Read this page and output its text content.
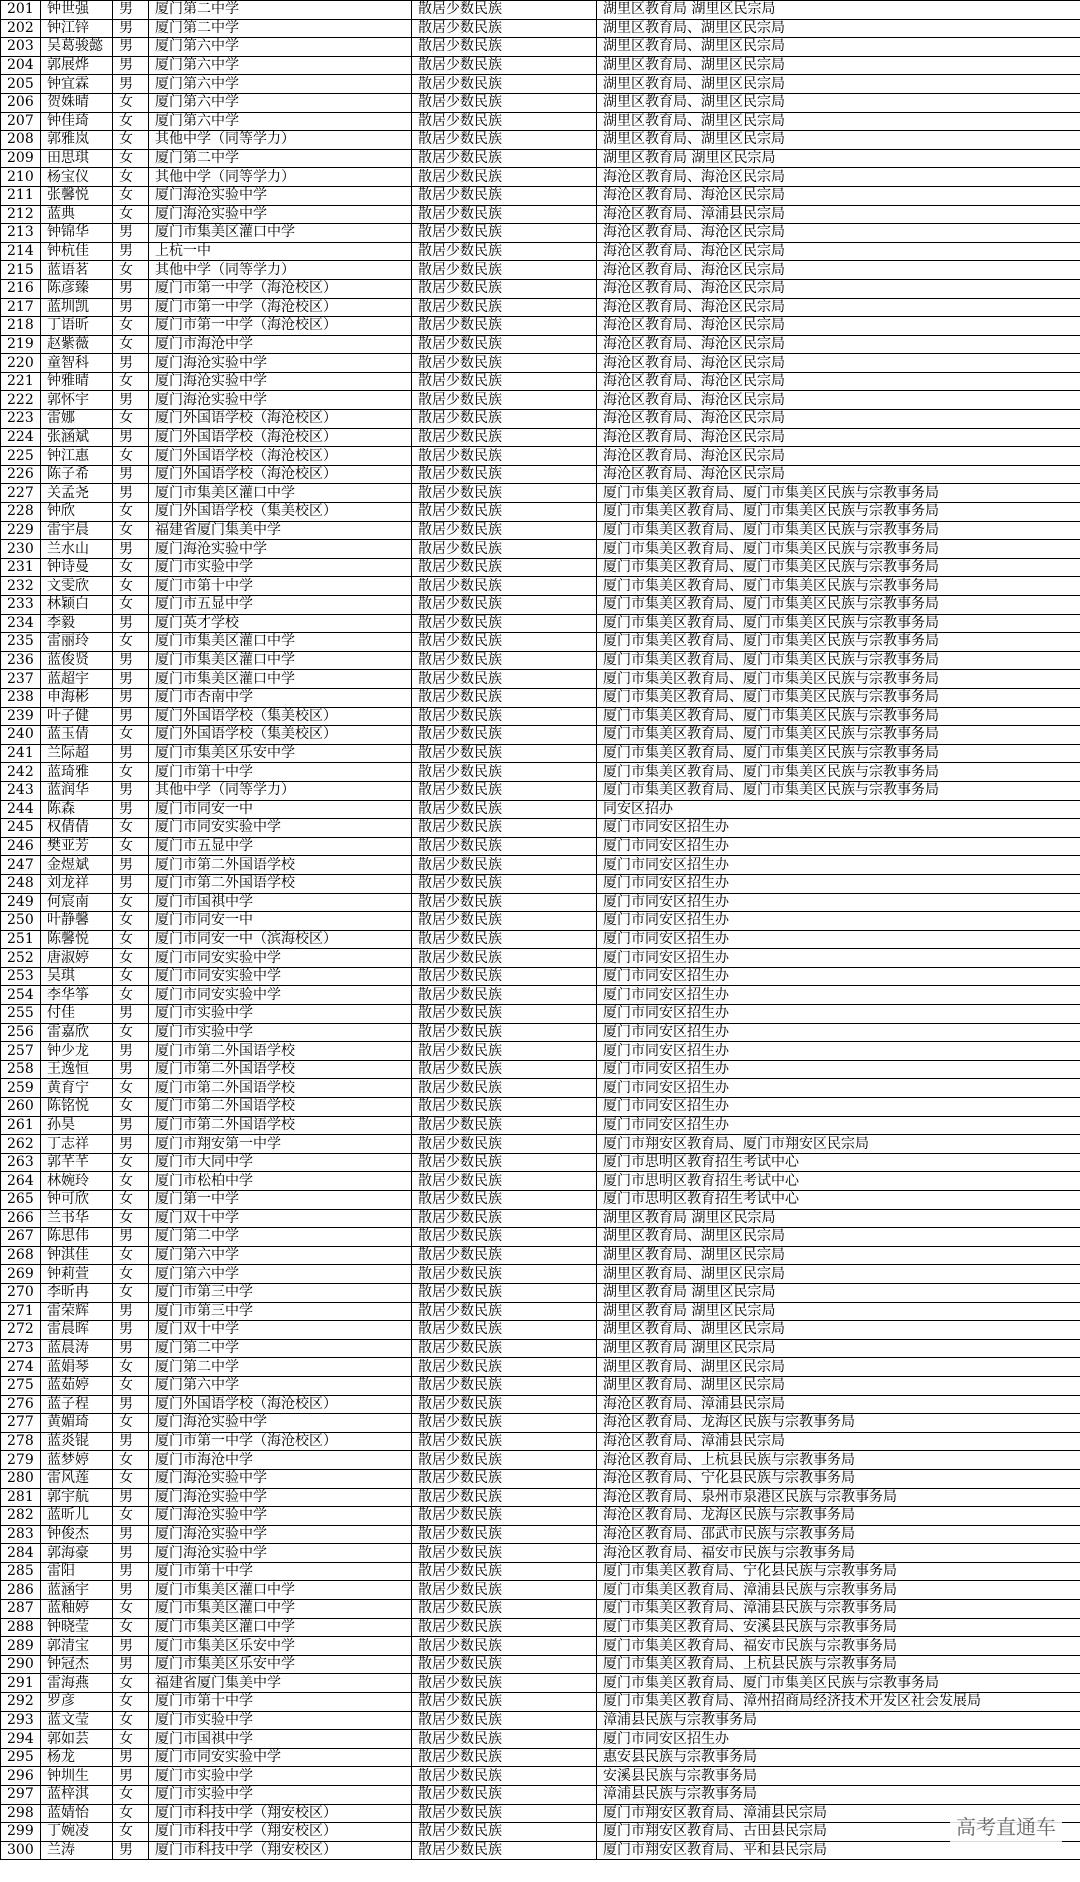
201	钟世强	男	厦门第二中学	散居少数民族	湖里区教育局 湖里区民宗局
202	钟江锌	男	厦门第二中学	散居少数民族	湖里区教育局、湖里区民宗局
203	吴葛骏懿	男	厦门第六中学	散居少数民族	湖里区教育局、湖里区民宗局
204	郭展烨	男	厦门第六中学	散居少数民族	湖里区教育局、湖里区民宗局
205	钟宜霖	男	厦门第六中学	散居少数民族	湖里区教育局、湖里区民宗局
206	贺姝晴	女	厦门第六中学	散居少数民族	湖里区教育局、湖里区民宗局
207	钟佳琦	女	厦门第六中学	散居少数民族	湖里区教育局、湖里区民宗局
208	郭雅岚	女	其他中学（同等学力）	散居少数民族	湖里区教育局、湖里区民宗局
209	田思琪	女	厦门第二中学	散居少数民族	湖里区教育局 湖里区民宗局
210	杨宝仪	女	其他中学（同等学力）	散居少数民族	海沧区教育局、海沧区民宗局
211	张馨悦	女	厦门海沧实验中学	散居少数民族	海沧区教育局、海沧区民宗局
212	蓝典	女	厦门海沧实验中学	散居少数民族	海沧区教育局、漳浦县民宗局
213	钟锦华	男	厦门市集美区灌口中学	散居少数民族	海沧区教育局、海沧区民宗局
214	钟杭佳	男	上杭一中	散居少数民族	海沧区教育局、海沧区民宗局
215	蓝语茗	女	其他中学（同等学力）	散居少数民族	海沧区教育局、海沧区民宗局
216	陈彦臻	男	厦门市第一中学（海沧校区）	散居少数民族	海沧区教育局、海沧区民宗局
217	蓝圳凯	男	厦门市第一中学（海沧校区）	散居少数民族	海沧区教育局、海沧区民宗局
218	丁语昕	女	厦门市第一中学（海沧校区）	散居少数民族	海沧区教育局、海沧区民宗局
219	赵紫薇	女	厦门市海沧中学	散居少数民族	海沧区教育局、海沧区民宗局
220	童智科	男	厦门海沧实验中学	散居少数民族	海沧区教育局、海沧区民宗局
221	钟雅晴	女	厦门海沧实验中学	散居少数民族	海沧区教育局、海沧区民宗局
222	郭怀宇	男	厦门海沧实验中学	散居少数民族	海沧区教育局、海沧区民宗局
223	雷娜	女	厦门外国语学校（海沧校区）	散居少数民族	海沧区教育局、海沧区民宗局
224	张涵斌	男	厦门外国语学校（海沧校区）	散居少数民族	海沧区教育局、海沧区民宗局
225	钟江惠	女	厦门外国语学校（海沧校区）	散居少数民族	海沧区教育局、海沧区民宗局
226	陈子希	男	厦门外国语学校（海沧校区）	散居少数民族	海沧区教育局、海沧区民宗局
227	关孟尧	男	厦门市集美区灌口中学	散居少数民族	厦门市集美区教育局、厦门市集美区民族与宗教事务局
228	钟欣	女	厦门外国语学校（集美校区）	散居少数民族	厦门市集美区教育局、厦门市集美区民族与宗教事务局
229	雷宇晨	女	福建省厦门集美中学	散居少数民族	厦门市集美区教育局、厦门市集美区民族与宗教事务局
230	兰水山	男	厦门海沧实验中学	散居少数民族	厦门市集美区教育局、厦门市集美区民族与宗教事务局
231	钟诗曼	女	厦门市实验中学	散居少数民族	厦门市集美区教育局、厦门市集美区民族与宗教事务局
232	文雯欣	女	厦门市第十中学	散居少数民族	厦门市集美区教育局、厦门市集美区民族与宗教事务局
233	林颖白	女	厦门市五显中学	散居少数民族	厦门市集美区教育局、厦门市集美区民族与宗教事务局
234	李毅	男	厦门英才学校	散居少数民族	厦门市集美区教育局、厦门市集美区民族与宗教事务局
235	雷丽玲	女	厦门市集美区灌口中学	散居少数民族	厦门市集美区教育局、厦门市集美区民族与宗教事务局
236	蓝俊贤	男	厦门市集美区灌口中学	散居少数民族	厦门市集美区教育局、厦门市集美区民族与宗教事务局
237	蓝超宇	男	厦门市集美区灌口中学	散居少数民族	厦门市集美区教育局、厦门市集美区民族与宗教事务局
238	申海彬	男	厦门市杏南中学	散居少数民族	厦门市集美区教育局、厦门市集美区民族与宗教事务局
239	叶子健	男	厦门外国语学校（集美校区）	散居少数民族	厦门市集美区教育局、厦门市集美区民族与宗教事务局
240	蓝玉倩	女	厦门外国语学校（集美校区）	散居少数民族	厦门市集美区教育局、厦门市集美区民族与宗教事务局
241	兰际超	男	厦门市集美区乐安中学	散居少数民族	厦门市集美区教育局、厦门市集美区民族与宗教事务局
242	蓝琦雅	女	厦门市第十中学	散居少数民族	厦门市集美区教育局、厦门市集美区民族与宗教事务局
243	蓝润华	男	其他中学（同等学力）	散居少数民族	厦门市集美区教育局、厦门市集美区民族与宗教事务局
244	陈森	男	厦门市同安一中	散居少数民族	同安区招办
245	权倩倩	女	厦门市同安实验中学	散居少数民族	厦门市同安区招生办
246	樊亚芳	女	厦门市五显中学	散居少数民族	厦门市同安区招生办
247	金煜斌	男	厦门市第二外国语学校	散居少数民族	厦门市同安区招生办
248	刘龙祥	男	厦门市第二外国语学校	散居少数民族	厦门市同安区招生办
249	何宸南	女	厦门市国祺中学	散居少数民族	厦门市同安区招生办
250	叶静馨	女	厦门市同安一中	散居少数民族	厦门市同安区招生办
251	陈馨悦	女	厦门市同安一中（滨海校区）	散居少数民族	厦门市同安区招生办
252	唐淑婷	女	厦门市同安实验中学	散居少数民族	厦门市同安区招生办
253	吴琪	女	厦门市同安实验中学	散居少数民族	厦门市同安区招生办
254	李华筝	女	厦门市同安实验中学	散居少数民族	厦门市同安区招生办
255	付佳	男	厦门市实验中学	散居少数民族	厦门市同安区招生办
256	雷嘉欣	女	厦门市实验中学	散居少数民族	厦门市同安区招生办
257	钟少龙	男	厦门市第二外国语学校	散居少数民族	厦门市同安区招生办
258	王逸恒	男	厦门市第二外国语学校	散居少数民族	厦门市同安区招生办
259	黄育宁	女	厦门市第二外国语学校	散居少数民族	厦门市同安区招生办
260	陈铭悦	女	厦门市第二外国语学校	散居少数民族	厦门市同安区招生办
261	孙昊	男	厦门市第二外国语学校	散居少数民族	厦门市同安区招生办
262	丁志祥	男	厦门市翔安第一中学	散居少数民族	厦门市翔安区教育局、厦门市翔安区民宗局
263	郭芊芊	女	厦门市大同中学	散居少数民族	厦门市思明区教育招生考试中心
264	林婉玲	女	厦门市松柏中学	散居少数民族	厦门市思明区教育招生考试中心
265	钟可欣	女	厦门第一中学	散居少数民族	厦门市思明区教育招生考试中心
266	兰书华	女	厦门双十中学	散居少数民族	湖里区教育局 湖里区民宗局
267	陈思伟	男	厦门第二中学	散居少数民族	湖里区教育局、湖里区民宗局
268	钟淇佳	女	厦门第六中学	散居少数民族	湖里区教育局、湖里区民宗局
269	钟莉萱	女	厦门第六中学	散居少数民族	湖里区教育局、湖里区民宗局
270	李昕冉	女	厦门市第三中学	散居少数民族	湖里区教育局 湖里区民宗局
271	雷荣辉	男	厦门市第三中学	散居少数民族	湖里区教育局 湖里区民宗局
272	雷晨晖	男	厦门双十中学	散居少数民族	湖里区教育局、湖里区民宗局
273	蓝晨涛	男	厦门第二中学	散居少数民族	湖里区教育局 湖里区民宗局
274	蓝娟琴	女	厦门第二中学	散居少数民族	湖里区教育局、湖里区民宗局
275	蓝茹婷	女	厦门第六中学	散居少数民族	湖里区教育局、湖里区民宗局
276	蓝子程	男	厦门外国语学校（海沧校区）	散居少数民族	海沧区教育局、漳浦县民宗局
277	黄媚琦	女	厦门海沧实验中学	散居少数民族	海沧区教育局、龙海区民族与宗教事务局
278	蓝炎锟	男	厦门市第一中学（海沧校区）	散居少数民族	海沧区教育局、漳浦县民宗局
279	蓝梦婷	女	厦门市海沧中学	散居少数民族	海沧区教育局、上杭县民族与宗教事务局
280	雷风莲	女	厦门海沧实验中学	散居少数民族	海沧区教育局、宁化县民族与宗教事务局
281	郭宇航	男	厦门海沧实验中学	散居少数民族	海沧区教育局、泉州市泉港区民族与宗教事务局
282	蓝昕儿	女	厦门海沧实验中学	散居少数民族	海沧区教育局、龙海区民族与宗教事务局
283	钟俊杰	男	厦门海沧实验中学	散居少数民族	海沧区教育局、邵武市民族与宗教事务局
284	郭海豪	男	厦门海沧实验中学	散居少数民族	海沧区教育局、福安市民族与宗教事务局
285	雷阳	男	厦门市第十中学	散居少数民族	厦门市集美区教育局、宁化县民族与宗教事务局
286	蓝涵宇	男	厦门市集美区灌口中学	散居少数民族	厦门市集美区教育局、漳浦县民族与宗教事务局
287	蓝釉婷	女	厦门市集美区灌口中学	散居少数民族	厦门市集美区教育局、漳浦县民族与宗教事务局
288	钟晓莹	女	厦门市集美区灌口中学	散居少数民族	厦门市集美区教育局、安溪县民族与宗教事务局
289	郭清宝	男	厦门市集美区乐安中学	散居少数民族	厦门市集美区教育局、福安市民族与宗教事务局
290	钟冠杰	男	厦门市集美区乐安中学	散居少数民族	厦门市集美区教育局、上杭县民族与宗教事务局
291	雷海燕	女	福建省厦门集美中学	散居少数民族	厦门市集美区教育局、厦门市集美区民族与宗教事务局
292	罗彦	女	厦门市第十中学	散居少数民族	厦门市集美区教育局、漳州招商局经济技术开发区社会发展局
293	蓝文莹	女	厦门市实验中学	散居少数民族	漳浦县民族与宗教事务局
294	郭如芸	女	厦门市国祺中学	散居少数民族	厦门市同安区招生办
295	杨龙	男	厦门市同安实验中学	散居少数民族	惠安县民族与宗教事务局
296	钟圳生	男	厦门市实验中学	散居少数民族	安溪县民族与宗教事务局
297	蓝梓淇	女	厦门市实验中学	散居少数民族	漳浦县民族与宗教事务局
298	蓝婧怡	女	厦门市科技中学（翔安校区）	散居少数民族	厦门市翔安区教育局、漳浦县民宗局
299	丁婉凌	女	厦门市科技中学（翔安校区）	散居少数民族	厦门市翔安区教育局、古田县民宗局
300	兰涛	男	厦门市科技中学（翔安校区）	散居少数民族	厦门市翔安区教育局、平和县民宗局
高考直通车
